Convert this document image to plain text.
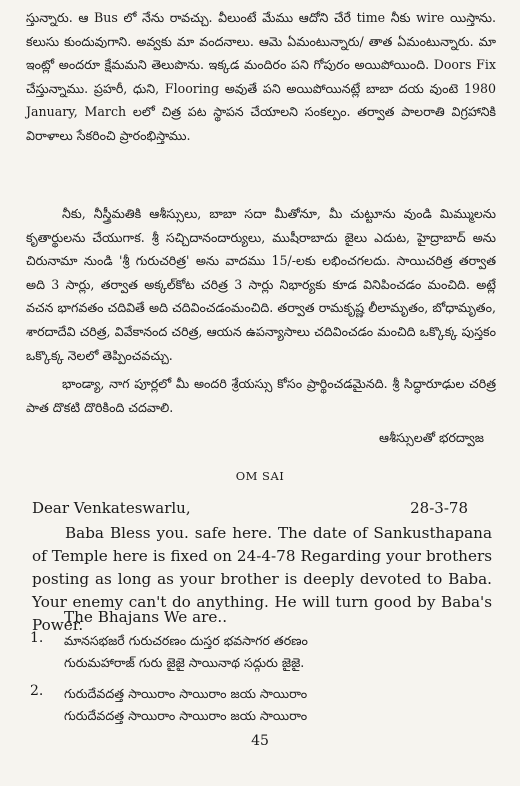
స్తున్నారు. ఆ Bus లో నేను రావచ్చు. వీలుంటే మేము ఆదోని చేరే time నీకు wire యిస్తాను. కలుసు కుందువుగాని. అవ్వకు మా వందనాలు. ఆమె ఏమంటున్నారు/ తాత ఏమంటున్నారు. మా ఇంట్లో అందరూ క్షేమమని తెలుపొను. ఇక్కడ మందిరం పని గోపురం అయిపోయింది. Doors Fix చేస్తున్నాము. ప్రహరీ, ధుని, Flooring అవుతే పని అయిపోయినట్లే బాబా దయ వుంటె 1980 January, March లలో చిత్ర పట స్థాపన చేయాలని సంకల్పం. తర్వాత పాలరాతి విగ్రహానికి విరాళాలు సేకరించి ప్రారంభిస్తాము.

నీకు, నీస్త్రీమతికి ఆశీస్సులు, బాబా సదా మీతోనూ, మీ చుట్టూను వుండి మిమ్ములను కృతార్థులను చేయుగాక. శ్రీ సచ్చిదానందార్యులు, ముషీరాబాదు జైలు ఎదుట, హైద్రాబాద్ అను చిరునామా నుండి 'శ్రీ గురుచరిత్ర' అను వాదము 15/-లకు లభించగలదు. సాయిచరిత్ర తర్వాత అది 3 సార్లు, తర్వాత అక్కల్‌కోట చరిత్ర 3 సార్లు నిభార్యకు కూడ వినిపించడం మంచిది. అట్లే వచన భాగవతం చదివితే అది చదివించడంమంచిది. తర్వాత రామకృష్ణ లీలామృతం, బోధామృతం, శారదాదేవి చరిత్ర, వివేకానంద చరిత్ర, ఆయన ఉపన్యాసాలు చదివించడం మంచిది ఒక్కొక్క పుస్తకం ఒక్కొక్క నెలలో తెప్పించవచ్చు.

భాండ్యా, నాగ పూర్లలో మీ అందరి శ్రేయస్సు కోసం ప్రార్థించడమైనది. శ్రీ సిద్ధారూఢుల చరిత్ర పాత దొకటి దొరికింది చదవాలి.

ఆశీస్సులతో భరద్వాజ
OM SAI
Dear Venkateswarlu,	28-3-78

Baba Bless you. safe here. The date of Sankusthapana of Temple here is fixed on 24-4-78 Regarding your brothers posting as long as your brother is deeply devoted to Baba. Your enemy can't do anything. He will turn good by Baba's Power.

The Bhajans We are..
1. మానసభజరే గురుచరణం దుస్తర భవసాగర తరణం
గురుమహారాజ్ గురు జైజై సాయినాథ సద్గురు జైజై.
2. గురుదేవదత్త సాయిరాం సాయిరాం జయ సాయిరాం
గురుదేవదత్త సాయిరాం సాయిరాం జయ సాయిరాం
45
